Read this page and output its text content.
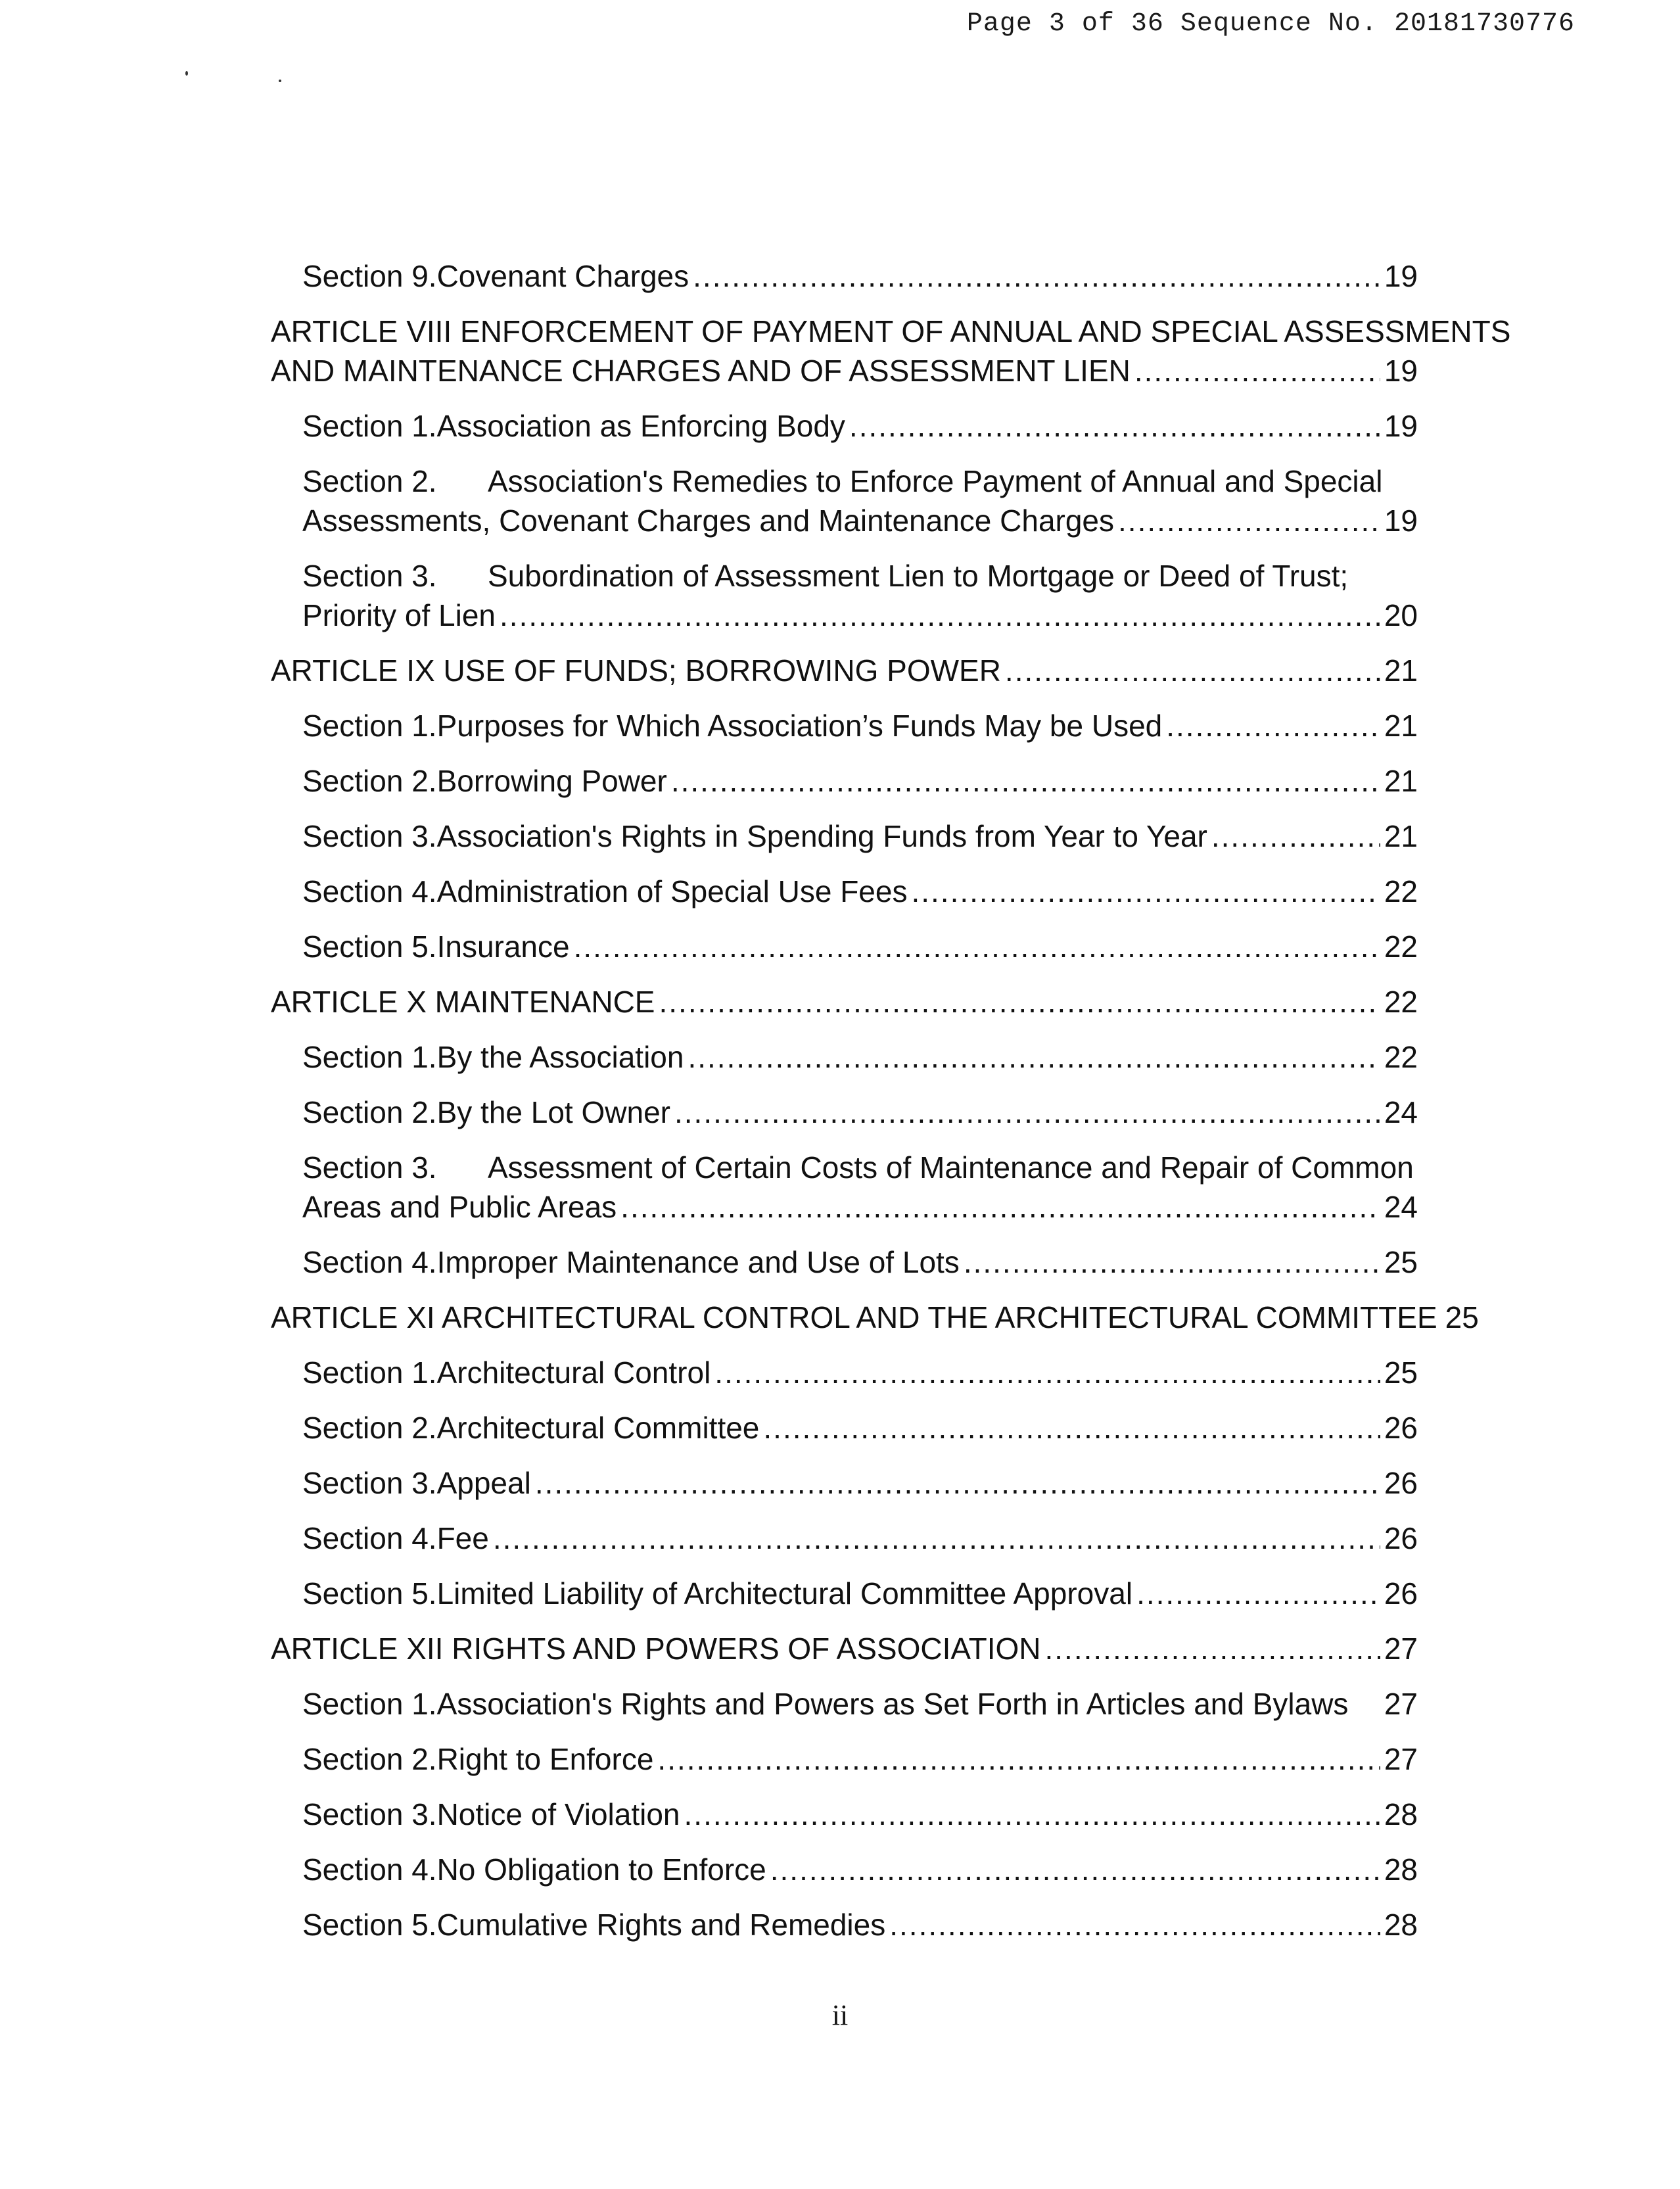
Page 3 of 36 Sequence No. 20181730776
Section 9. Covenant Charges .....	19
ARTICLE VIII ENFORCEMENT OF PAYMENT OF ANNUAL AND SPECIAL ASSESSMENTS
AND MAINTENANCE CHARGES AND OF ASSESSMENT LIEN .....	19
Section 1. Association as Enforcing Body .....	19
Section 2. Association's Remedies to Enforce Payment of Annual and Special
Assessments, Covenant Charges and Maintenance Charges .....	19
Section 3. Subordination of Assessment Lien to Mortgage or Deed of Trust;
Priority of Lien .....	20
ARTICLE IX USE OF FUNDS; BORROWING POWER .....	21
Section 1. Purposes for Which Association’s Funds May be Used .....	21
Section 2. Borrowing Power .....	21
Section 3. Association's Rights in Spending Funds from Year to Year .....	21
Section 4. Administration of Special Use Fees .....	22
Section 5. Insurance .....	22
ARTICLE X MAINTENANCE .....	22
Section 1. By the Association .....	22
Section 2. By the Lot Owner .....	24
Section 3. Assessment of Certain Costs of Maintenance and Repair of Common
Areas and Public Areas .....	24
Section 4. Improper Maintenance and Use of Lots .....	25
ARTICLE XI ARCHITECTURAL CONTROL AND THE ARCHITECTURAL COMMITTEE 25
Section 1. Architectural Control .....	25
Section 2. Architectural Committee .....	26
Section 3. Appeal .....	26
Section 4. Fee .....	26
Section 5. Limited Liability of Architectural Committee Approval .....	26
ARTICLE XII RIGHTS AND POWERS OF ASSOCIATION .....	27
Section 1. Association's Rights and Powers as Set Forth in Articles and Bylaws 27
Section 2. Right to Enforce .....	27
Section 3. Notice of Violation .....	28
Section 4. No Obligation to Enforce .....	28
Section 5. Cumulative Rights and Remedies .....	28
ii
